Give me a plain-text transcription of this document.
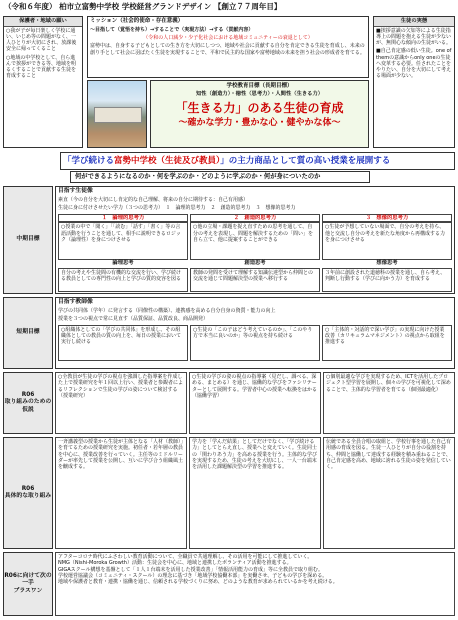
（令和６年度） 柏市立富勢中学校 学校経営グランドデザイン 【創立７７周年目】
保護者・地域の願い
○我が子が毎日楽しく学校に通い、いじめ等の問題がなく、一人ひとりが大切にされ、放課後安全に帰ってくること
○地域の中学校として、自ら進んで挨拶ができる等、地域を明るくすることで貢献する生徒を育成すること
ミッション（社会的使命・存在意義）
～目指して（覚悟を持ち）→することで（実現方法）→する（貢献内容）
（令和の人口減少・少子化社会における地域コミュニティーの衰退として）
富勢中は、自身する子どもとしての生き方を大切にしつつ、地域や社会に貢献する自分を肯定できる生徒を育成し、未来の創り手として社会に羽ばたく生徒を実現することで、平和で民主的な国家や富勢地域の未来を担う社会の形成者を育てる。
生徒の実態
■挨拶意識の欠如等による生徒指導上の問題を抱える生徒が少ないが、無関心な傾向の生徒がいる。
■自己肯定感の低い生徒。one of themの意識からonly oneの生徒へ変革する必要。任されたことをやりたい、自分を大切にして考える場面が少ない。
学校教育目標（長期目標）
知性（創造力）・徳性（思考力）・人間性（生きる力）
「生きる力」のある生徒の育成
～確かな学力・豊かな心・健やかな体～
「学び続ける富勢中学校（生徒及び教員）」の主力商品として質の高い授業を展開する
何ができるようになるのか・何を学ぶのか・どのように学ぶのか・何が身についたのか
中期目標
目指す生徒像
素直（今の自分を大切にし肯定的な自己理解、将来の自分に期待する：自己有用感）
生徒に身に付けさせたい学力（３つの思考力）　１　論理的思考力　２　創造的思考力　３　想像的思考力
１　論理的思考力
○授業の中で「聞く」「「読む」「話す」「書く」等の言語活動を行うことを通して、相手に説明できるロジック（論理性）を身につけさせる
論理思考
２　創造的思考力
○他の立場・課題を捉え直すための思考を通して、自分の考えを表現し、問題を解決するための「問い」を自ら立て、他に提案することができる
創造思考
３　想像的思考力
○生徒が予想していない場面で、自分の考えを持ち、他と交流し自分の考えを新たな角度から再構成する力を身につけさせる
想像思考
自分の考えや生徒間の有機的な交流を行い、学び続ける教員としての専門性の向上と学びの質的変容を図る
教師の発問を受けて理解する知識伝達型から仲間との交流を通じて問題解決型の授業へ移行する
３年前に創設された道徳科の授業を通し、自ら考え、判断し行動する（学びに向かう力）を育成する
短期目標
目指す教師像
学びの共同体（学年）に発言する（同僚性の構築）、連携感を高める自分自身の資質・能力の向上
授業を３つの視点で常に見直す（品質保証、品質改良、商品開発）
○組織体としての「学びの共同体」を形成し、その組織体としての教員の質の向上を、毎日の授業において実行し続ける
○生徒の「この子はどう考えているのか」、「このやり方で本当に良いのか」等の視点を持ち続ける
○「主体的・対話的で深い学び」の実現に向けた授業改善（カリキュラムマネジメント）の視点から取組を推進する
R06
取り組みのための仮説
○全教員が生徒の学びの視点を強調した指導案を作成した上で授業研究を年１回以上行い、授業者と参観者によるリフレクションで生徒の学びの姿について検討する（授業研究）
○生徒の学びの姿の視点の指導案（見だし、調べる、深める、まとめる）を通じ、協働的な学びをファシリテーターとして展開する。学習者中心の授業へ転換をはかる（協働学習）
○個別最適な学びを実現するため、ICTを活用したプロジェクト型学習を展開し、個々の学びを可視化して深めることで、主体的な学習者を育てる（個別最適化）
R06
具体的な取り組み
一斉講義型の授業から生徒が主体となる「人材（教師）」を育てるための授業研究を実施。初任者・若年層の教員を中心に、授業改善を行っていく。主任等のミドルリーダーが率先して授業を公開し、互いに学び合う組織風土を醸成する。
学力を「学んだ結果」としてだけでなく、「学び続ける力」としてとらえ直し、授業へと変えていく。生徒同士の「関わりあう力」を高める授業を行う。主体的な学びを実現するため、生徒の考えを大切にし、一人一台端末を活用した課題解決型の学習を推進する。
伝統である全員合唱の取組と、学校行事を通した自己有用感の育成を図る。生徒一人ひとりが自分の役割を持ち、仲間と協働して達成する経験を積み重ねることで、自己肯定感を高め、地域に誇れる生徒の姿を発信していく。
R06に向けて次の一手
ブラスワン
アフターコロナ時代にふさわしい教育活動について、全職員で共通理解し、その活用を可能にして推進していく。
NMG（Nishi-Moroka Growth）活動：生徒会を中心に、地域と連携したボランティア活動を推進する。
GIGAスクール構想を基盤として「１人１台端末を活用した授業改善」「情報活用能力の育成」等に全教員で取り組む。
学校運営協議会（コミュニティ・スクール）の理念に基づき「地域学校協働本部」を実働させ、子どもの学びを深める。
地域や保護者と教育・連携・協働を通じ、信頼される学校づくりに努め、どのような教育が求められているかを考え続ける。
